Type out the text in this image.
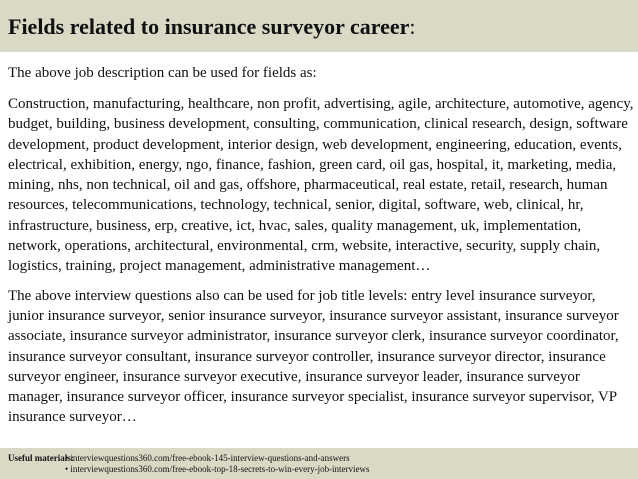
Fields related to insurance surveyor career:

The above job description can be used for fields as:

Construction, manufacturing, healthcare, non profit, advertising, agile, architecture, automotive, agency, budget, building, business development, consulting, communication, clinical research, design, software development, product development, interior design, web development, engineering, education, events, electrical, exhibition, energy, ngo, finance, fashion, green card, oil gas, hospital, it, marketing, media, mining, nhs, non technical, oil and gas, offshore, pharmaceutical, real estate, retail, research, human resources, telecommunications, technology, technical, senior, digital, software, web, clinical, hr, infrastructure, business, erp, creative, ict, hvac, sales, quality management, uk, implementation, network, operations, architectural, environmental, crm, website, interactive, security, supply chain, logistics, training, project management, administrative management…

The above interview questions also can be used for job title levels: entry level insurance surveyor, junior insurance surveyor, senior insurance surveyor, insurance surveyor assistant, insurance surveyor associate, insurance surveyor administrator, insurance surveyor clerk, insurance surveyor coordinator, insurance surveyor consultant, insurance surveyor controller, insurance surveyor director, insurance surveyor engineer, insurance surveyor executive, insurance surveyor leader, insurance surveyor manager, insurance surveyor officer, insurance surveyor specialist, insurance surveyor supervisor, VP insurance surveyor…

Useful materials:
• interviewquestions360.com/free-ebook-145-interview-questions-and-answers
• interviewquestions360.com/free-ebook-top-18-secrets-to-win-every-job-interviews
